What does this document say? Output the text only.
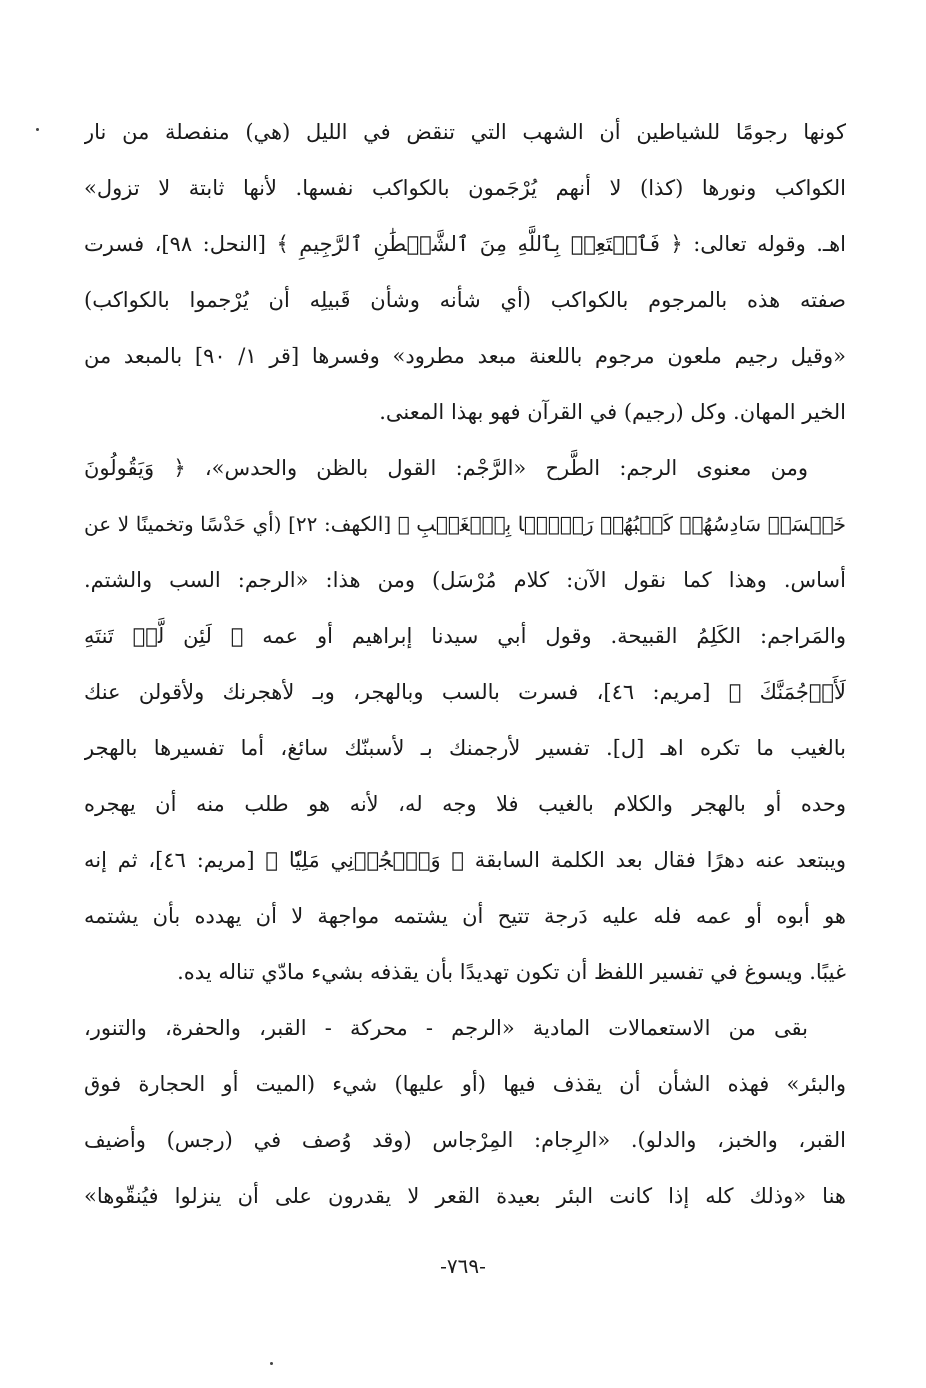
كونها رجومًا للشياطين أن الشهب التي تنقض في الليل (هي) منفصلة من نار
الكواكب ونورها (كذا) لا أنهم يُرْجَمون بالكواكب نفسها. لأنها ثابتة لا تزول»
اهـ. وقوله تعالى: ﴿ فَٱسۡتَعِذۡ بِٱللَّهِ مِنَ ٱلشَّيۡطَٰنِ ٱلرَّجِيمِ ﴾ [النحل: ٩٨]، فسرت
صفته هذه بالمرجوم بالكواكب (أي شأنه وشأن قَبيلِه أن يُرْجموا بالكواكب)
«وقيل رجيم ملعون مرجوم باللعنة مبعد مطرود» وفسرها [قر ١/ ٩٠] بالمبعد من
الخير المهان. وكل (رجيم) في القرآن فهو بهذا المعنى.
ومن معنوى الرجم: الطَّرح «الرَّجْم: القول بالظن والحدس»، ﴿ وَيَقُولُونَ
خَمۡسَةٞ سَادِسُهُمۡ كَلۡبُهُمۡ رَجۡمَۢا بِٱلۡغَيۡبِ ﴾ [الكهف: ٢٢] (أي حَدْسًا وتخمينًا لا عن
أساس. وهذا كما نقول الآن: كلام مُرْسَل) ومن هذا: «الرجم: السب والشتم.
والمَراجم: الكَلِمُ القبيحة. وقول أبي سيدنا إبراهيم أو عمه ﴿ لَئِن لَّمۡ تَنتَهِ
لَأَرۡجُمَنَّكَ ﴾ [مريم: ٤٦]، فسرت بالسب وبالهجر، وبـ لأهجرنك ولأقولن عنك
بالغيب ما تكره اهـ [ل]. تفسير لأرجمنك بـ لأسبنّك سائغ، أما تفسيرها بالهجر
وحده أو بالهجر والكلام بالغيب فلا وجه له، لأنه هو طلب منه أن يهجره
ويبتعد عنه دهرًا فقال بعد الكلمة السابقة ﴿ وَٱهۡجُرۡنِي مَلِيّٗا ﴾ [مريم: ٤٦]، ثم إنه
هو أبوه أو عمه فله عليه دَرجة تتيح أن يشتمه مواجهة لا أن يهدده بأن يشتمه
غيبًا. ويسوغ في تفسير اللفظ أن تكون تهديدًا بأن يقذفه بشيء مادّي تناله يده.
بقى من الاستعمالات المادية «الرجم - محركة - القبر، والحفرة، والتنور،
والبئر» فهذه الشأن أن يقذف فيها (أو عليها) شيء (الميت أو الحجارة فوق
القبر، والخبز، والدلو). «الرِجام: المِرْجاس (وقد وُصف في (رجس) وأضيف
هنا «وذلك كله إذا كانت البئر بعيدة القعر لا يقدرون على أن ينزلوا فيُنقّوها»
-٧٦٩-
